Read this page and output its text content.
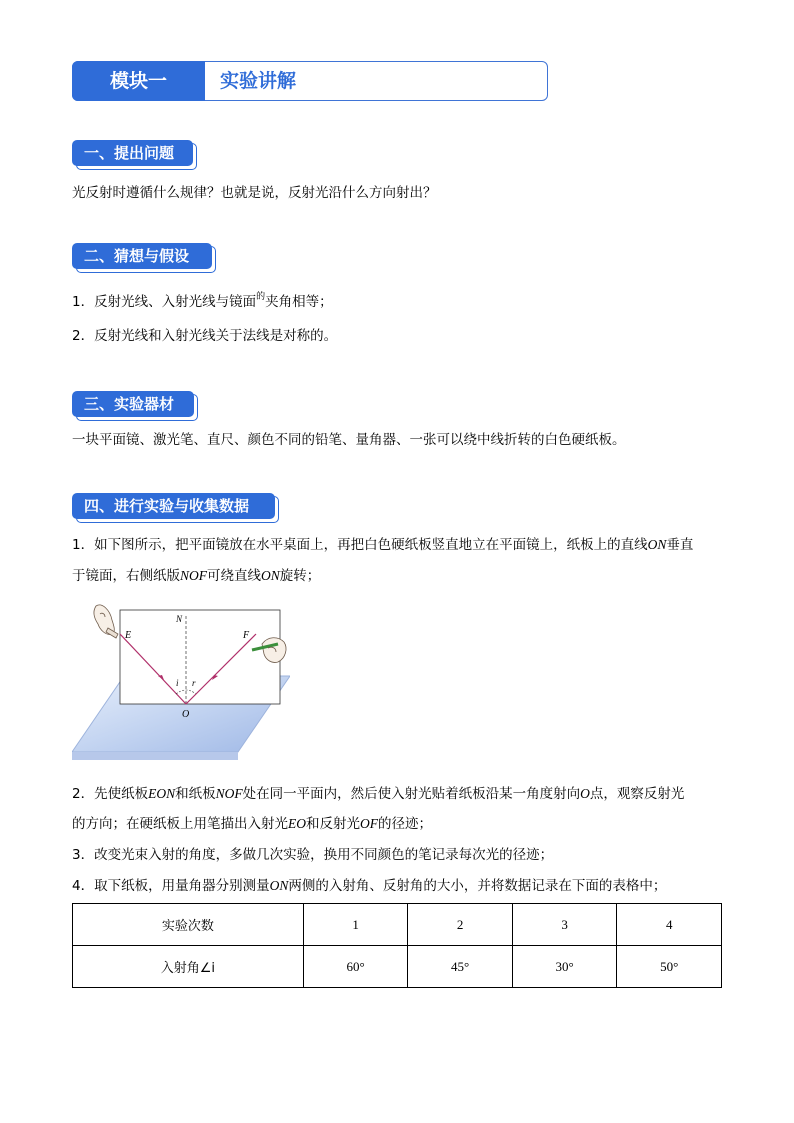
模块一	实验讲解
一、提出问题
光反射时遵循什么规律？也就是说，反射光沿什么方向射出？
二、猜想与假设
1．反射光线、入射光线与镜面$^的$夹角相等；
2．反射光线和入射光线关于法线是对称的。
三、实验器材
一块平面镜、激光笔、直尺、颜色不同的铅笔、量角器、一张可以绕中线折转的白色硬纸板。
四、进行实验与收集数据
1．如下图所示，把平面镜放在水平桌面上，再把白色硬纸板竖直地立在平面镜上，纸板上的直线ON垂直
于镜面，右侧纸版NOF可绕直线ON旋转；
N
E	F
O
i r
2．先使纸板EON和纸板NOF处在同一平面内，然后使入射光贴着纸板沿某一角度射向O点，观察反射光
的方向；在硬纸板上用笔描出入射光EO和反射光OF的径迹；
3．改变光束入射的角度，多做几次实验，换用不同颜色的笔记录每次光的径迹；
4．取下纸板，用量角器分别测量ON两侧的入射角、反射角的大小，并将数据记录在下面的表格中；
实验次数	1	2	3	4
入射角∠i	60°	45°	30°	50°
